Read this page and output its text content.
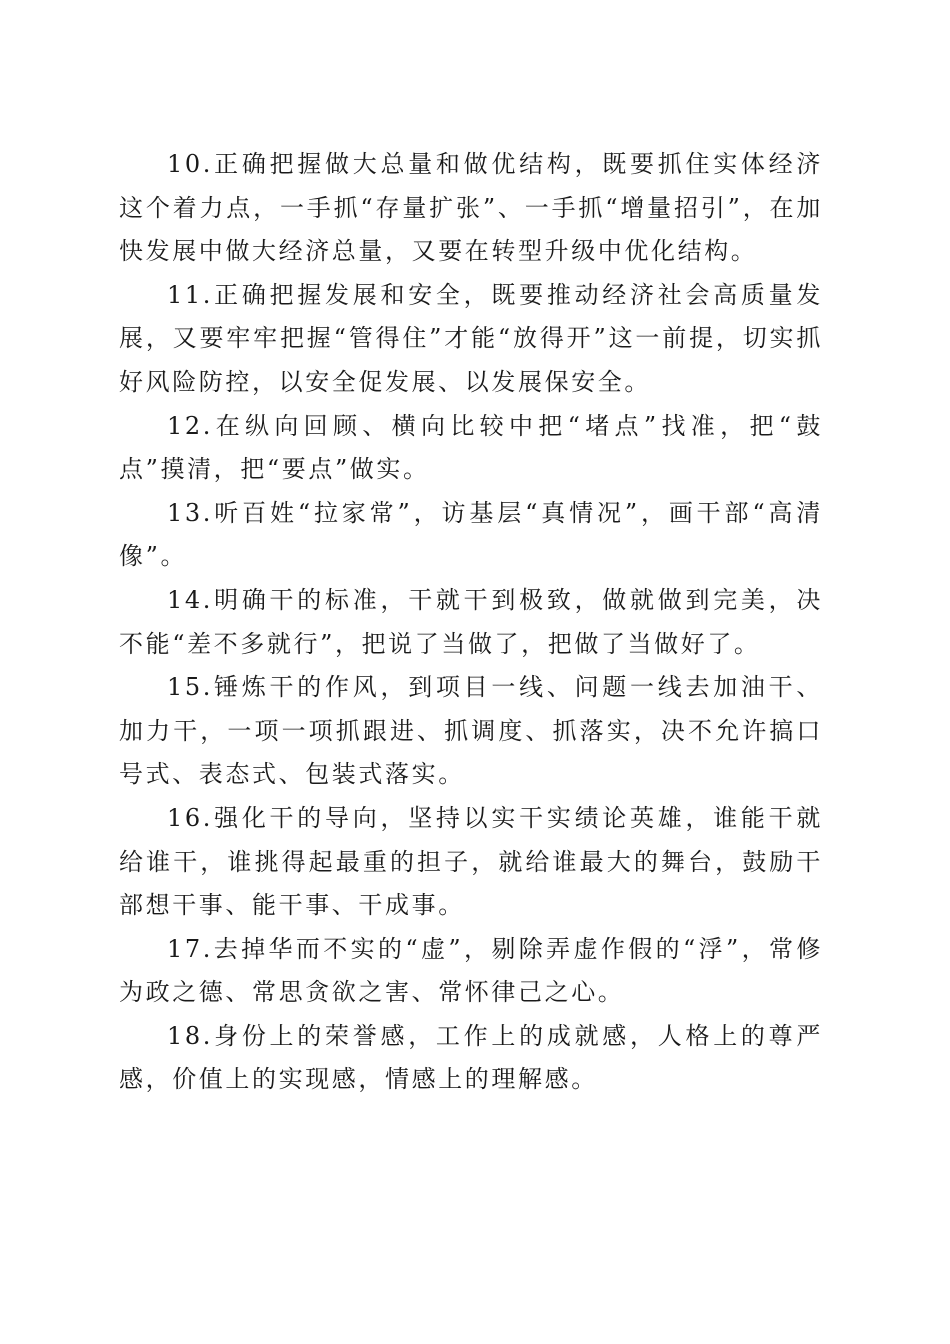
10.正确把握做大总量和做优结构，既要抓住实体经济这个着力点，一手抓“存量扩张”、一手抓“增量招引”，在加快发展中做大经济总量，又要在转型升级中优化结构。

11.正确把握发展和安全，既要推动经济社会高质量发展，又要牢牢把握“管得住”才能“放得开”这一前提，切实抓好风险防控，以安全促发展、以发展保安全。

12.在纵向回顾、横向比较中把“堵点”找准，把“鼓点”摸清，把“要点”做实。

13.听百姓“拉家常”，访基层“真情况”，画干部“高清像”。

14.明确干的标准，干就干到极致，做就做到完美，决不能“差不多就行”，把说了当做了，把做了当做好了。

15.锤炼干的作风，到项目一线、问题一线去加油干、加力干，一项一项抓跟进、抓调度、抓落实，决不允许搞口号式、表态式、包装式落实。

16.强化干的导向，坚持以实干实绩论英雄，谁能干就给谁干，谁挑得起最重的担子，就给谁最大的舞台，鼓励干部想干事、能干事、干成事。

17.去掉华而不实的“虚”，剔除弄虚作假的“浮”，常修为政之德、常思贪欲之害、常怀律己之心。

18.身份上的荣誉感，工作上的成就感，人格上的尊严感，价值上的实现感，情感上的理解感。
